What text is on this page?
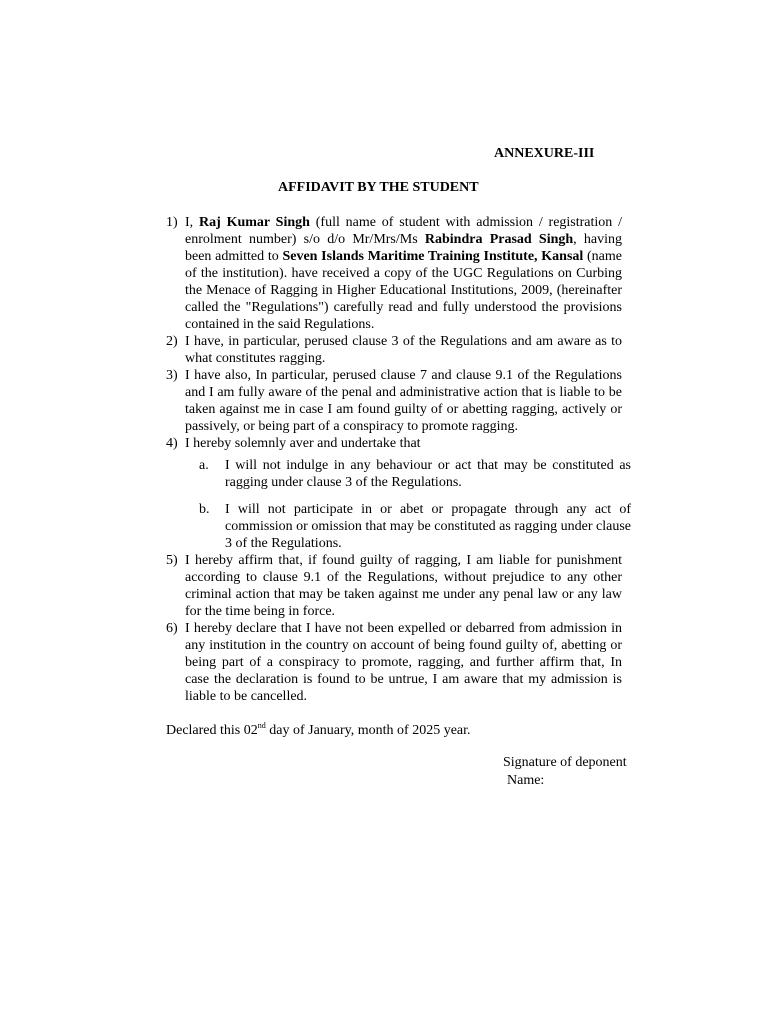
ANNEXURE-III
AFFIDAVIT BY THE STUDENT
1) I, Raj Kumar Singh (full name of student with admission / registration / enrolment number) s/o d/o Mr/Mrs/Ms Rabindra Prasad Singh, having been admitted to Seven Islands Maritime Training Institute, Kansal (name of the institution). have received a copy of the UGC Regulations on Curbing the Menace of Ragging in Higher Educational Institutions, 2009, (hereinafter called the "Regulations") carefully read and fully understood the provisions contained in the said Regulations.
2) I have, in particular, perused clause 3 of the Regulations and am aware as to what constitutes ragging.
3) I have also, In particular, perused clause 7 and clause 9.1 of the Regulations and I am fully aware of the penal and administrative action that is liable to be taken against me in case I am found guilty of or abetting ragging, actively or passively, or being part of a conspiracy to promote ragging.
4) I hereby solemnly aver and undertake that
a.	I will not indulge in any behaviour or act that may be constituted as ragging under clause 3 of the Regulations.
b.	I will not participate in or abet or propagate through any act of commission or omission that may be constituted as ragging under clause 3 of the Regulations.
5) I hereby affirm that, if found guilty of ragging, I am liable for punishment according to clause 9.1 of the Regulations, without prejudice to any other criminal action that may be taken against me under any penal law or any law for the time being in force.
6) I hereby declare that I have not been expelled or debarred from admission in any institution in the country on account of being found guilty of, abetting or being part of a conspiracy to promote, ragging, and further affirm that, In case the declaration is found to be untrue, I am aware that my admission is liable to be cancelled.
Declared this 02nd day of January, month of 2025 year.
Signature of deponent
Name:
